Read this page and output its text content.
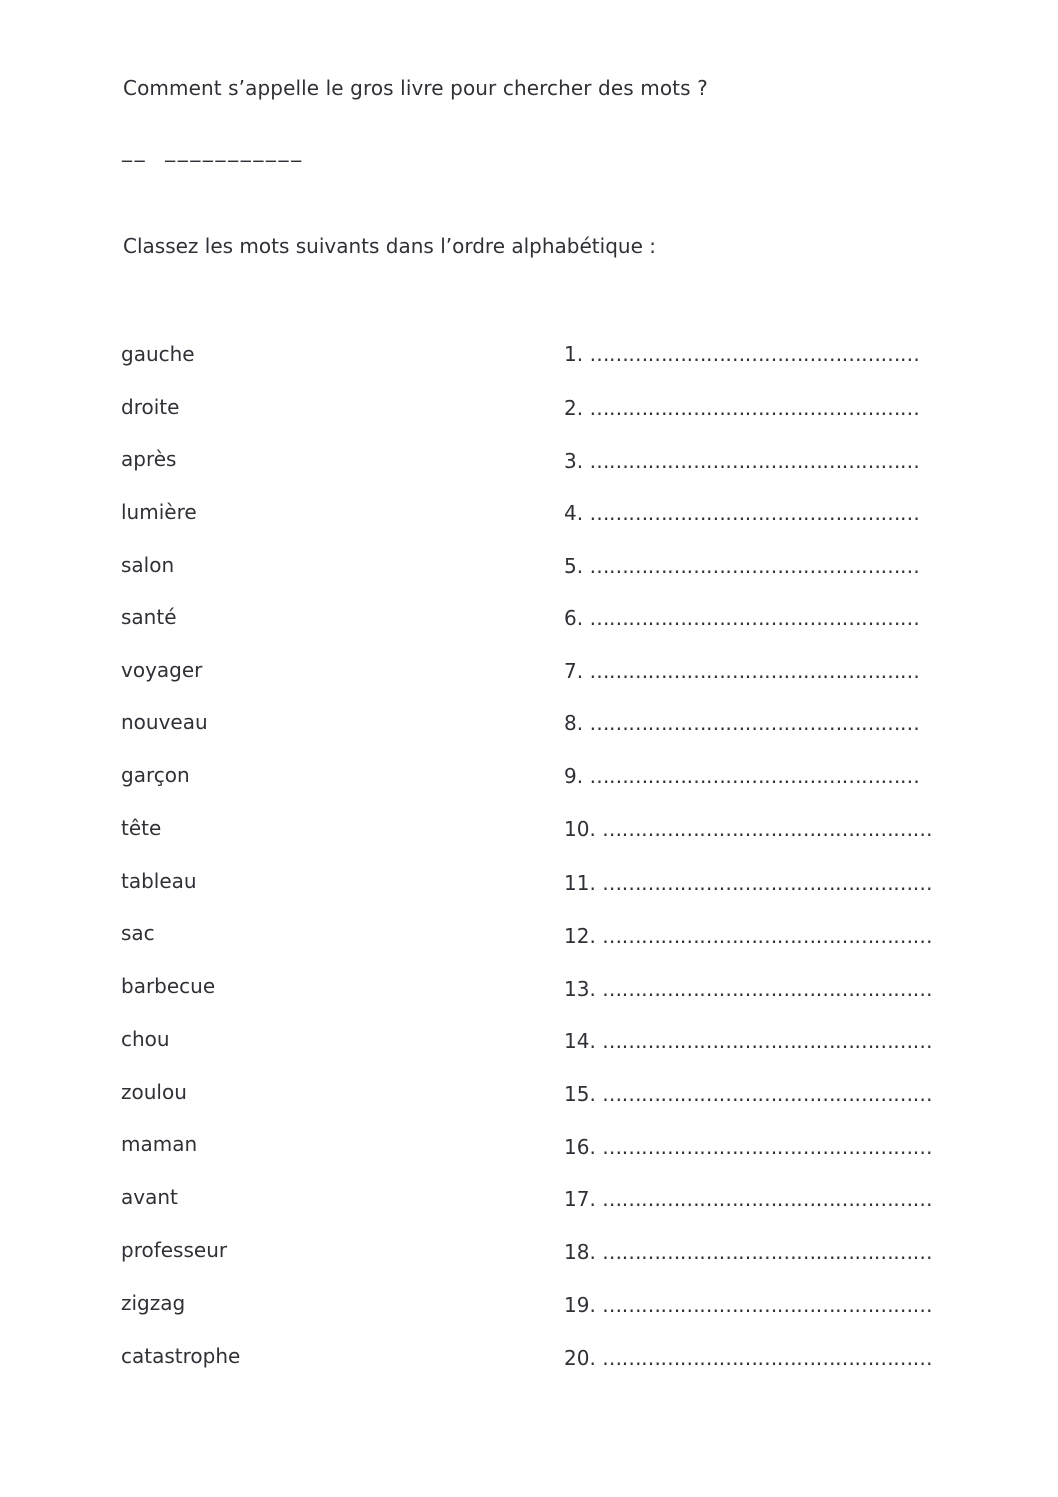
Comment s’appelle le gros livre pour chercher des mots ?
__  ___________
Classez les mots suivants dans l’ordre alphabétique :
gauche
droite
après
lumière
salon
santé
voyager
nouveau
garçon
tête
tableau
sac
barbecue
chou
zoulou
maman
avant
professeur
zigzag
catastrophe
1. ……………………………………………
2. ……………………………………………
3. ……………………………………………
4. ……………………………………………
5. ……………………………………………
6. ……………………………………………
7. ……………………………………………
8. ……………………………………………
9. ……………………………………………
10. ……………………………………………
11. ……………………………………………
12. ……………………………………………
13. ……………………………………………
14. ……………………………………………
15. ……………………………………………
16. ……………………………………………
17. ……………………………………………
18. ……………………………………………
19. ……………………………………………
20. ……………………………………………
